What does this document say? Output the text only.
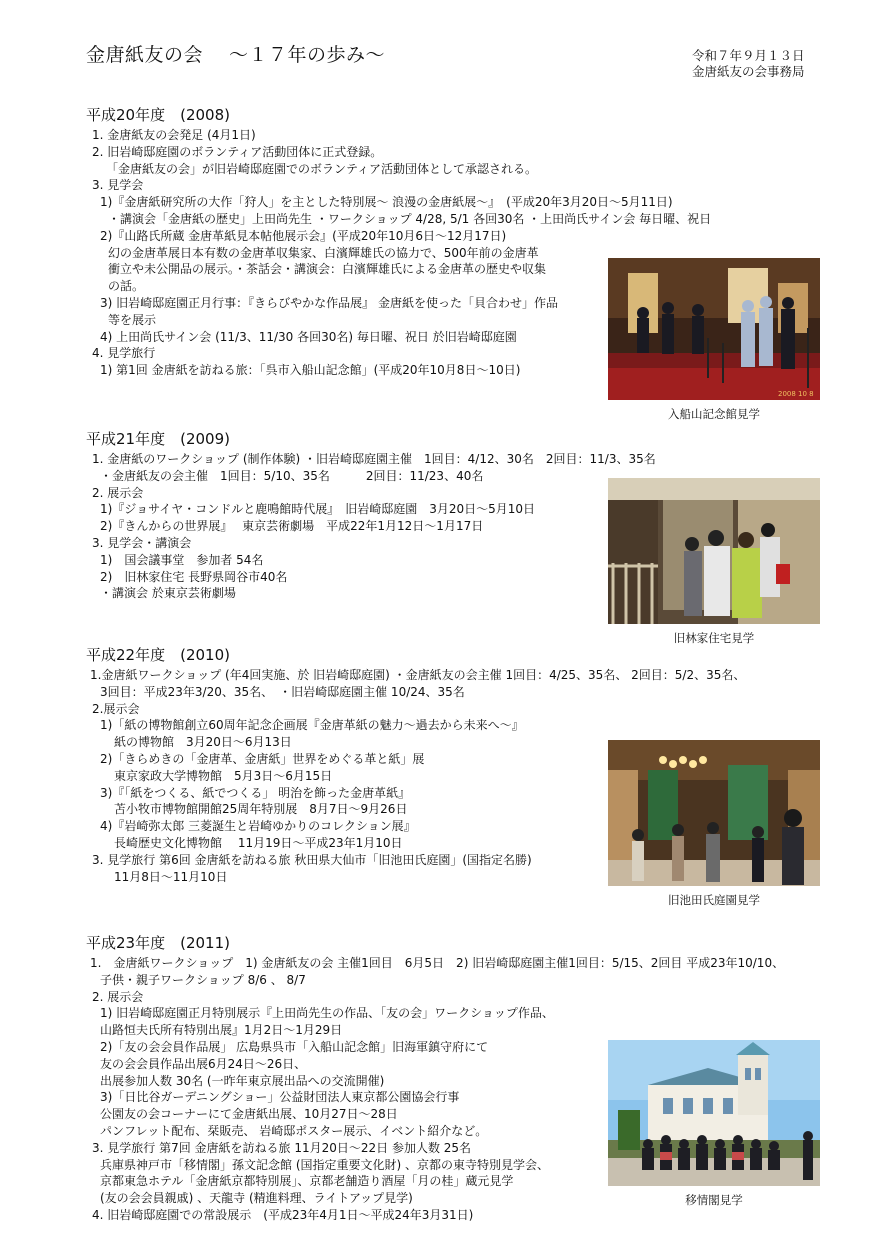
金唐紙友の会　 ～１７年の歩み～	令和７年９月１３日
金唐紙友の会事務局
平成20年度　(2008)
1. 金唐紙友の会発足 (4月1日)
2. 旧岩崎邸庭園のボランティア活動団体に正式登録。
　「金唐紙友の会」が旧岩崎邸庭園でのボランティア活動団体として承認される。
3. 見学会
1)『金唐紙研究所の大作「狩人」を主とした特別展～ 浪漫の金唐紙展～』　(平成20年3月20日～5月11日)
・講演会「金唐紙の歴史」上田尚先生 ・ワークショップ 4/28, 5/1 各回30名 ・上田尚氏サイン会 毎日曜、祝日
2)『山路氏所蔵 金唐革紙見本帖他展示会』(平成20年10月6日～12月17日)
幻の金唐革展日本有数の金唐革収集家、白濱輝雄氏の協力で、500年前の金唐革
衝立や未公開品の展示。・茶話会・講演会：白濱輝雄氏による金唐革の歴史や収集
の話。
3) 旧岩崎邸庭園正月行事：『きらびやかな作品展』 金唐紙を使った「貝合わせ」作品
等を展示
4) 上田尚氏サイン会 (11/3、11/30 各回30名) 毎日曜、祝日 於旧岩崎邸庭園
4. 見学旅行
1) 第1回 金唐紙を訪ねる旅：「呉市入船山記念館」(平成20年10月8日～10日)
平成21年度　(2009)
1. 金唐紙のワークショップ (制作体験) ・旧岩崎邸庭園主催　1回目：4/12、30名　2回目：11/3、35名
・金唐紙友の会主催　1回目：5/10、35名　　　2回目：11/23、40名
2. 展示会
1)『ジョサイヤ・コンドルと鹿鳴館時代展』　旧岩崎邸庭園　3月20日～5月10日
2)『きんからの世界展』　 東京芸術劇場　平成22年1月12日～1月17日
3. 見学会・講演会
1)　国会議事堂　参加者 54名
2)　旧林家住宅 長野県岡谷市40名
・講演会 於東京芸術劇場
平成22年度　(2010)
1.金唐紙ワークショップ (年4回実施、於 旧岩崎邸庭園) ・金唐紙友の会主催 1回目：4/25、35名、 2回目：5/2、35名、
3回目：平成23年3/20、35名、　・旧岩崎邸庭園主催 10/24、35名
2.展示会
1)「紙の博物館創立60周年記念企画展『金唐革紙の魅力～過去から未来へ～』
紙の博物館　3月20日～6月13日
2)「きらめきの「金唐革、金唐紙」世界をめぐる革と紙」展
東京家政大学博物館　5月3日～6月15日
3)『「紙をつくる、紙でつくる」 明治を飾った金唐革紙』
苫小牧市博物館開館25周年特別展　8月7日～9月26日
4)『岩崎弥太郎 三菱誕生と岩崎ゆかりのコレクション展』
長崎歴史文化博物館　 11月19日～平成23年1月10日
3. 見学旅行 第6回 金唐紙を訪ねる旅 秋田県大仙市「旧池田氏庭園」(国指定名勝)
11月8日～11月10日
平成23年度　(2011)
1.　金唐紙ワークショップ　1) 金唐紙友の会 主催1回目　6月5日　2) 旧岩崎邸庭園主催1回目：5/15、2回目 平成23年10/10、
子供・親子ワークショップ 8/6 、 8/7
2. 展示会
1) 旧岩崎邸庭園正月特別展示『上田尚先生の作品、「友の会」ワークショップ作品、
山路恒夫氏所有特別出展』1月2日～1月29日
2)「友の会会員作品展」 広島県呉市「入船山記念館」旧海軍鎮守府にて
友の会会員作品出展6月24日～26日、
出展参加人数 30名 (一昨年東京展出品への交流開催)
3)「日比谷ガーデニングショー」公益財団法人東京都公園協会行事
公園友の会コーナーにて金唐紙出展、10月27日～28日
パンフレット配布、栞販売、 岩崎邸ポスター展示、イベント紹介など。
3. 見学旅行 第7回 金唐紙を訪ねる旅 11月20日～22日 参加人数 25名
兵庫県神戸市「移情閣」孫文記念館 (国指定重要文化財) 、京都の東寺特別見学会、
京都東急ホテル「金唐紙京都特別展」、京都老舗造り酒屋「月の桂」蔵元見学
(友の会会員親戚) 、天龍寺 (精進料理、ライトアップ見学)
4. 旧岩崎邸庭園での常設展示　(平成23年4月1日～平成24年3月31日)
2008 10 8
入船山記念館見学
旧林家住宅見学
旧池田氏庭園見学
移情閣見学
